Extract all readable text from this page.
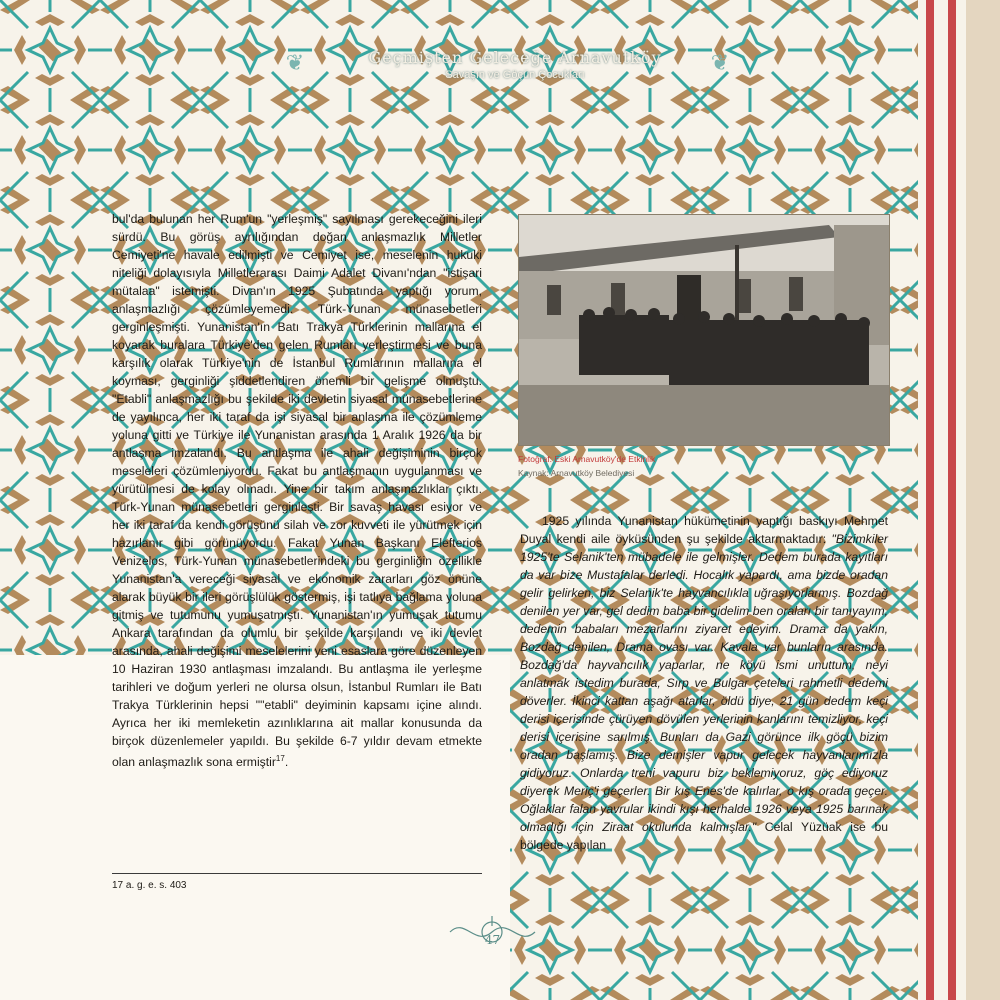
❦	❦
Geçmişten Geleceğe Arnavutköy
Savaşın ve Göçün Çocukları

bul'da bulunan her Rum'un "yerleşmiş" sayılması gerekeceğini ileri sürdü. Bu görüş ayrılığından doğan anlaşmazlık Milletler Cemiyeti'ne havale edilmişti ve Cemiyet ise, meselenin hukuki niteliği dolayısıyla Milletlerarası Daimi Adalet Divanı'ndan "istişari mütalaa" istemişti. Divan'ın 1925 Şubatında yaptığı yorum, anlaşmazlığı çözümleyemedi. Türk-Yunan münasebetleri gerginleşmişti. Yunanistan'ın Batı Trakya Türklerinin mallarına el koyarak buralara Türkiye'den gelen Rumları yerleştirmesi ve buna karşılık olarak Türkiye'nin de İstanbul Rumlarının mallarına el koyması, gerginliği şiddetlendiren önemli bir gelişme olmuştu. "Etabli" anlaşmazlığı bu şekilde iki devletin siyasal münasebetlerine de yayılınca, her iki taraf da işi siyasal bir anlaşma ile çözümleme yoluna gitti ve Türkiye ile Yunanistan arasında 1 Aralık 1926 da bir antlaşma imzalandı. Bu antlaşma ile ahali değişiminin birçok meseleleri çözümleniyordu. Fakat bu antlaşmanın uygulanması ve yürütülmesi de kolay olmadı. Yine bir takım anlaşmazlıklar çıktı. Türk-Yunan münasebetleri gerginleşti. Bir savaş havası esiyor ve her iki taraf da kendi görüşünü silah ve zor kuvveti ile yürütmek için hazırlanır gibi görünüyordu. Fakat Yunan Başkanı Elefterios Venizelos, Türk-Yunan münasebetlerindeki bu gerginliğin özellikle Yunanistan'a vereceği siyasal ve ekonomik zararları göz önüne alarak büyük bir ileri görüşlülük göstermiş, işi tatlıya bağlama yoluna gitmiş ve tutumunu yumuşatmıştı. Yunanistan'ın yumuşak tutumu Ankara tarafından da olumlu bir şekilde karşılandı ve iki devlet arasında, ahali değişimi meselelerini yeni esaslara göre düzenleyen 10 Haziran 1930 antlaşması imzalandı. Bu antlaşma ile yerleşme tarihleri ve doğum yerleri ne olursa olsun, İstanbul Rumları ile Batı Trakya Türklerinin hepsi ""etabli" deyiminin kapsamı içine alındı. Ayrıca her iki memleketin azınlıklarına ait mallar konusunda da birçok düzenlemeler yapıldı. Bu şekilde 6-7 yıldır devam etmekte olan anlaşmazlık sona ermiştir$^{17}$.

Fotoğraf: Eski Arnavutköy'de Etkinlik
Kaynak: Arnavutköy Belediyesi

1925 yılında Yunanistan hükümetinin yaptığı baskıyı Mehmet Duyal kendi aile öyküsünden şu şekilde aktarmaktadır: "Bizimkiler 1925'te Selanik'ten mübadele ile gelmişler. Dedem burada kayıtları da var bize Mustafalar derledi. Hocalık yapardı, ama bizde oradan gelir gelirken, biz Selanik'te hayvancılıkla uğraşıyorlarmış. Bozdağ denilen yer var, gel dedim baba bir gidelim ben oraları bir tanıyayım, dedemin babaları mezarlarını ziyaret edeyim. Drama da yakın, Bozdağ denilen, Drama ovası var. Kavala var bunların arasında. Bozdağ'da hayvancılık yaparlar, ne köyü ismi unuttum, neyi anlatmak istedim burada, Sırp ve Bulgar çeteleri rahmetli dedemi döverler. İkinci kattan aşağı atarlar, öldü diye, 21 gün dedem keçi derisi içerisinde çürüyen dövülen yerlerinin kanlarını temizliyor, keçi derisi içerisine sarılmış. Bunları da Gazi görünce ilk göçü bizim oradan başlamış. Bize demişler vapur gelecek hayvanlarımızla gidiyoruz. Onlarda treni vapuru biz beklemiyoruz, göç ediyoruz diyerek Meriç'i geçerler. Bir kış Enes'de kalırlar, o kış orada geçer. Oğlaklar falan yavrular ikindi kışı herhalde 1926 veya 1925 barınak olmadığı için Ziraat okulunda kalmışlar." Celal Yüzüak ise bu bölgede yapılan

17 a. g. e. s. 403
47
